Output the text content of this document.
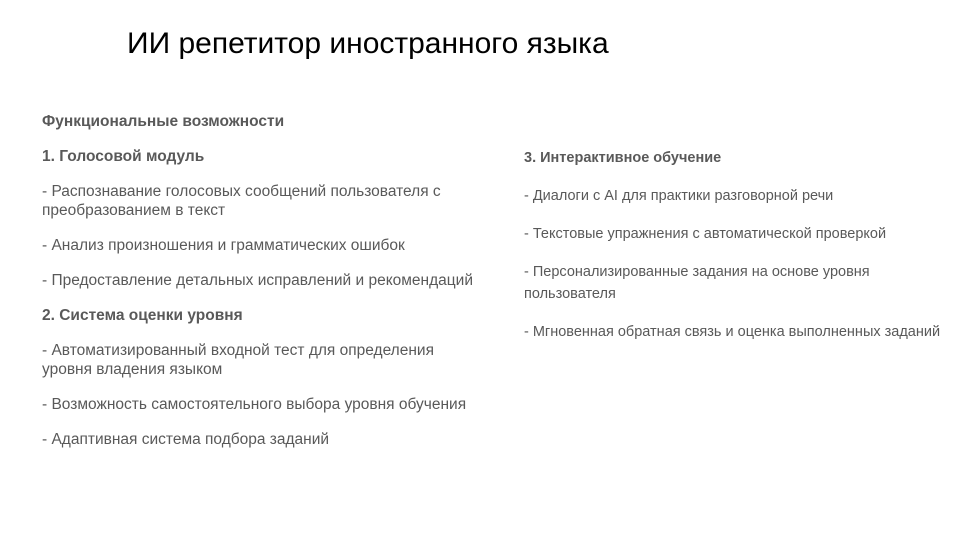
ИИ репетитор иностранного языка

Функциональные возможности

1. Голосовой модуль

- Распознавание голосовых сообщений пользователя с преобразованием в текст

- Анализ произношения и грамматических ошибок

- Предоставление детальных исправлений и рекомендаций

2. Система оценки уровня

- Автоматизированный входной тест для определения уровня владения языком

- Возможность самостоятельного выбора уровня обучения

- Адаптивная система подбора заданий

3. Интерактивное обучение

- Диалоги с AI для практики разговорной речи

- Текстовые упражнения с автоматической проверкой

- Персонализированные задания на основе уровня пользователя

- Мгновенная обратная связь и оценка выполненных заданий
